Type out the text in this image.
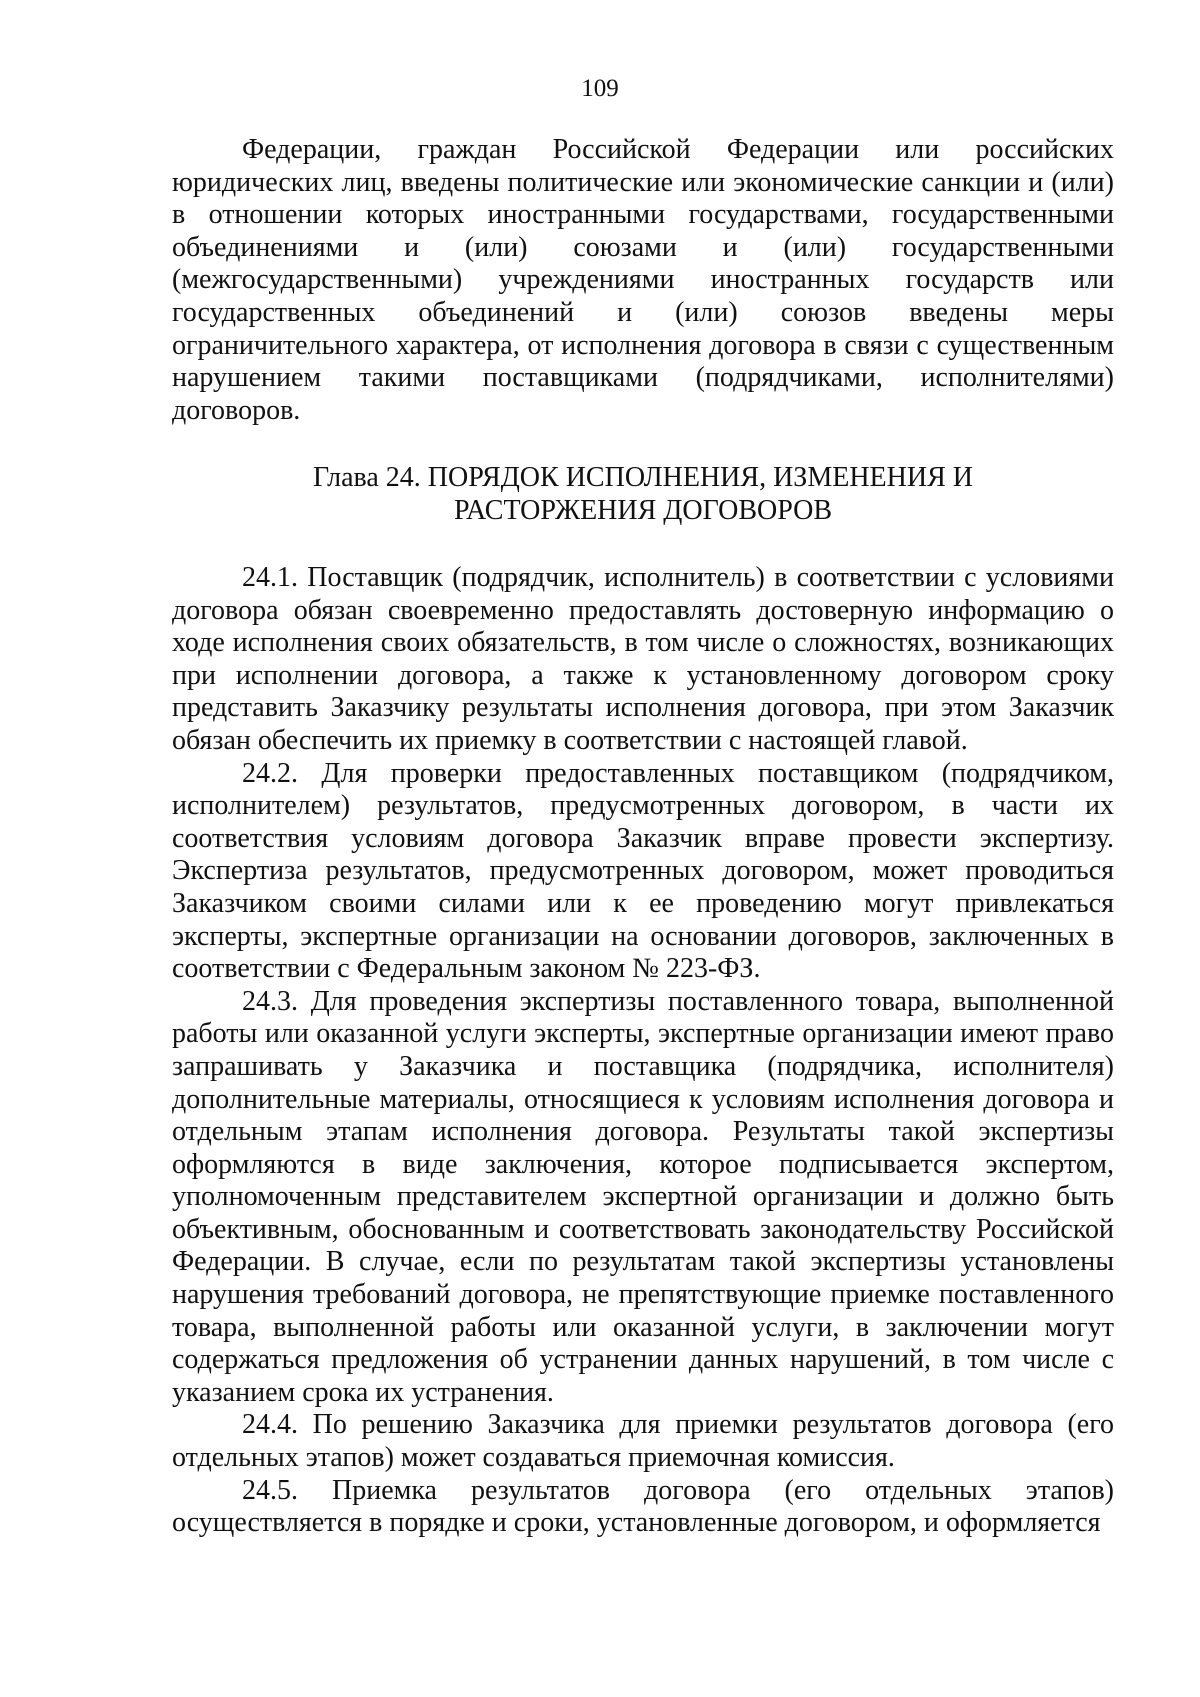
109

Федерации, граждан Российской Федерации или российских юридических лиц, введены политические или экономические санкции и (или) в отношении которых иностранными государствами, государственными объединениями и (или) союзами и (или) государственными (межгосударственными) учреждениями иностранных государств или государственных объединений и (или) союзов введены меры ограничительного характера, от исполнения договора в связи с существенным нарушением такими поставщиками (подрядчиками, исполнителями) договоров.

Глава 24. ПОРЯДОК ИСПОЛНЕНИЯ, ИЗМЕНЕНИЯ И
РАСТОРЖЕНИЯ ДОГОВОРОВ

24.1. Поставщик (подрядчик, исполнитель) в соответствии с условиями договора обязан своевременно предоставлять достоверную информацию о ходе исполнения своих обязательств, в том числе о сложностях, возникающих при исполнении договора, а также к установленному договором сроку представить Заказчику результаты исполнения договора, при этом Заказчик обязан обеспечить их приемку в соответствии с настоящей главой.

24.2. Для проверки предоставленных поставщиком (подрядчиком, исполнителем) результатов, предусмотренных договором, в части их соответствия условиям договора Заказчик вправе провести экспертизу. Экспертиза результатов, предусмотренных договором, может проводиться Заказчиком своими силами или к ее проведению могут привлекаться эксперты, экспертные организации на основании договоров, заключенных в соответствии с Федеральным законом № 223-ФЗ.

24.3. Для проведения экспертизы поставленного товара, выполненной работы или оказанной услуги эксперты, экспертные организации имеют право запрашивать у Заказчика и поставщика (подрядчика, исполнителя) дополнительные материалы, относящиеся к условиям исполнения договора и отдельным этапам исполнения договора. Результаты такой экспертизы оформляются в виде заключения, которое подписывается экспертом, уполномоченным представителем экспертной организации и должно быть объективным, обоснованным и соответствовать законодательству Российской Федерации. В случае, если по результатам такой экспертизы установлены нарушения требований договора, не препятствующие приемке поставленного товара, выполненной работы или оказанной услуги, в заключении могут содержаться предложения об устранении данных нарушений, в том числе с указанием срока их устранения.

24.4. По решению Заказчика для приемки результатов договора (его отдельных этапов) может создаваться приемочная комиссия.

24.5. Приемка результатов договора (его отдельных этапов) осуществляется в порядке и сроки, установленные договором, и оформляется
